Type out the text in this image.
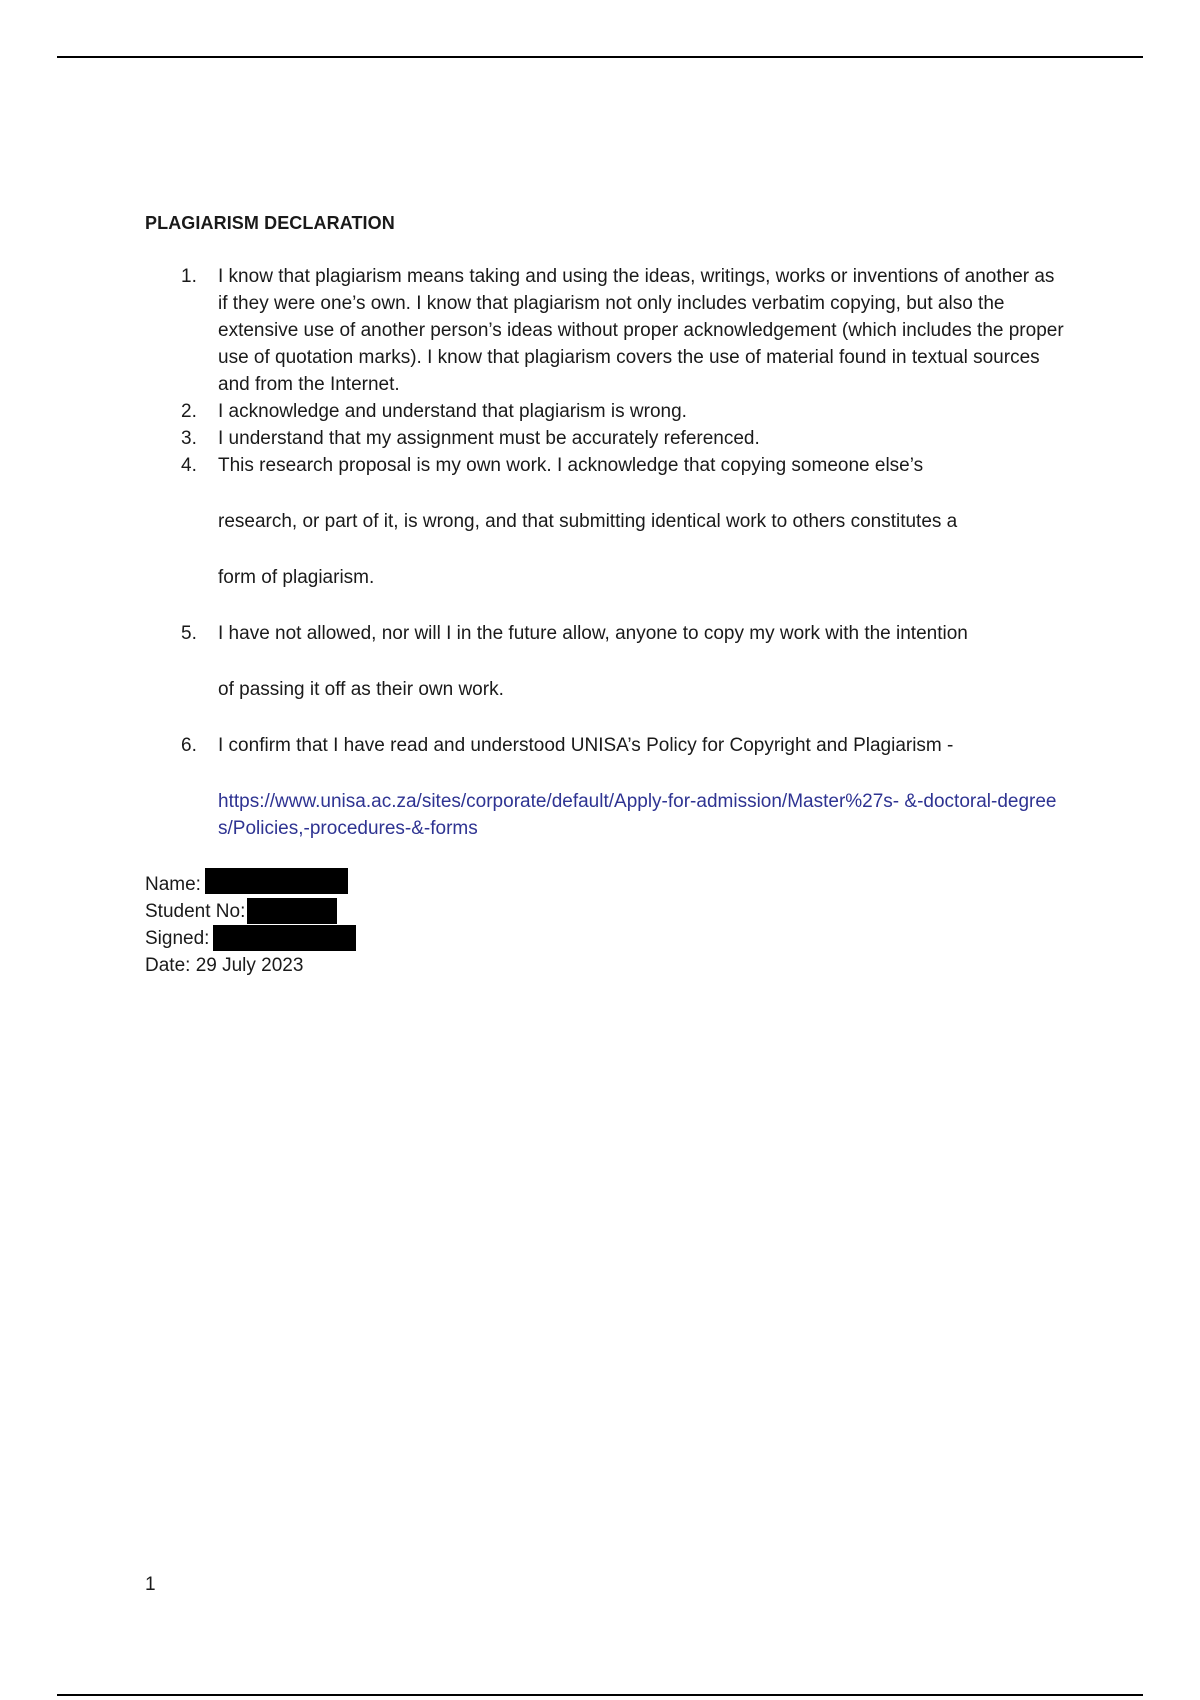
PLAGIARISM DECLARATION
1. I know that plagiarism means taking and using the ideas, writings, works or inventions of another as if they were one’s own. I know that plagiarism not only includes verbatim copying, but also the extensive use of another person’s ideas without proper acknowledgement (which includes the proper use of quotation marks). I know that plagiarism covers the use of material found in textual sources and from the Internet.
2. I acknowledge and understand that plagiarism is wrong.
3. I understand that my assignment must be accurately referenced.
4. This research proposal is my own work. I acknowledge that copying someone else’s
research, or part of it, is wrong, and that submitting identical work to others constitutes a
form of plagiarism.
5. I have not allowed, nor will I in the future allow, anyone to copy my work with the intention
of passing it off as their own work.
6. I confirm that I have read and understood UNISA’s Policy for Copyright and Plagiarism -
https://www.unisa.ac.za/sites/corporate/default/Apply-for-admission/Master%27s- &-doctoral-degrees/Policies,-procedures-&-forms
Name:
Student No:
Signed:
Date: 29 July 2023
1
